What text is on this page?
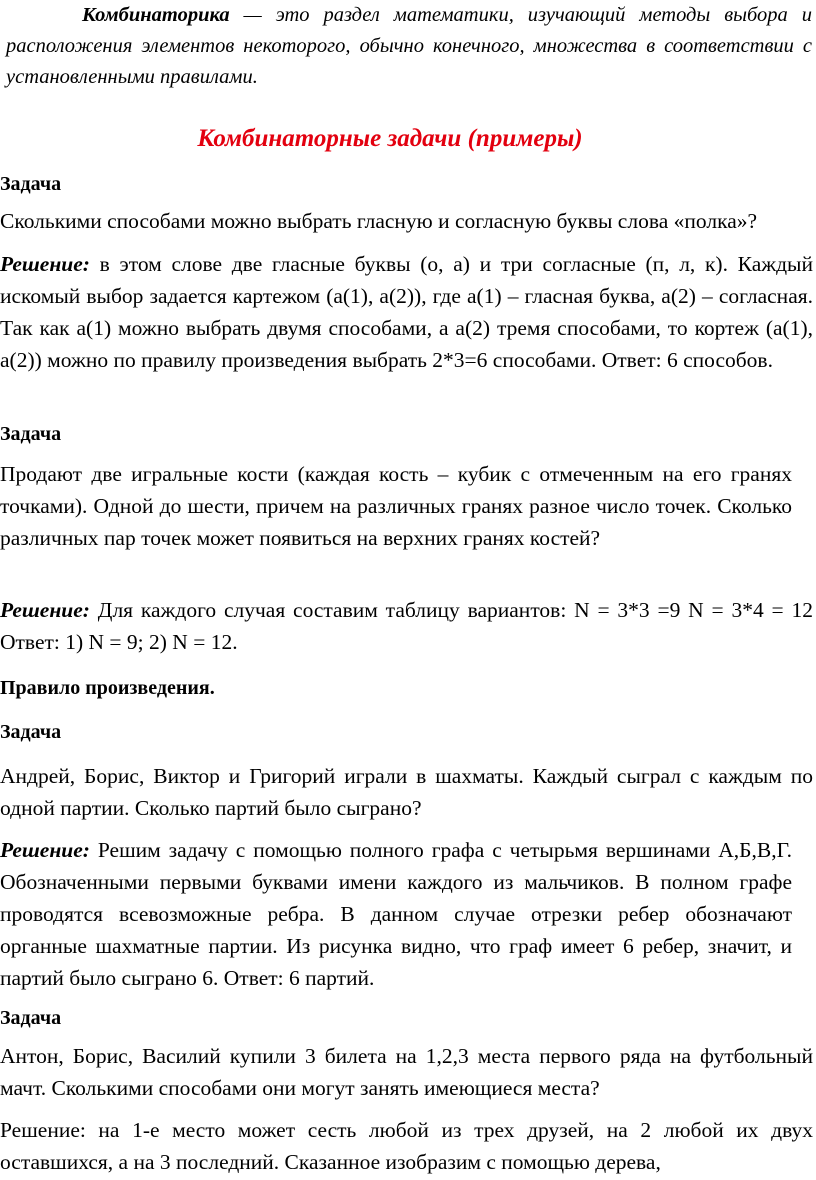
Комбинаторика — это раздел математики, изучающий методы выбора и расположения элементов некоторого, обычно конечного, множества в соответствии с установленными правилами.
Комбинаторные задачи (примеры)
Задача
Сколькими способами можно выбрать гласную и согласную буквы слова «полка»?
Решение: в этом слове две гласные буквы (о, а) и три согласные (п, л, к). Каждый искомый выбор задается картежом (а(1), а(2)), где а(1) – гласная буква, а(2) – согласная. Так как а(1) можно выбрать двумя способами, а а(2) тремя способами, то кортеж (а(1), а(2)) можно по правилу произведения выбрать 2*3=6 способами. Ответ: 6 способов.
Задача
Продают две игральные кости (каждая кость – кубик с отмеченным на его гранях точками). Одной до шести, причем на различных гранях разное число точек. Сколько различных пар точек может появиться на верхних гранях костей?
Решение: Для каждого случая составим таблицу вариантов: N = 3*3 =9 N = 3*4 = 12 Ответ: 1) N = 9; 2) N = 12.
Правило произведения.
Задача
Андрей, Борис, Виктор и Григорий играли в шахматы. Каждый сыграл с каждым по одной партии. Сколько партий было сыграно?
Решение: Решим задачу с помощью полного графа с четырьмя вершинами А,Б,В,Г. Обозначенными первыми буквами имени каждого из мальчиков. В полном графе проводятся всевозможные ребра. В данном случае отрезки ребер обозначают органные шахматные партии. Из рисунка видно, что граф имеет 6 ребер, значит, и партий было сыграно 6. Ответ: 6 партий.
Задача
Антон, Борис, Василий купили 3 билета на 1,2,3 места первого ряда на футбольный мачт. Сколькими способами они могут занять имеющиеся места?
Решение: на 1-е место может сесть любой из трех друзей, на 2 любой их двух оставшихся, а на 3 последний. Сказанное изобразим с помощью дерева,
